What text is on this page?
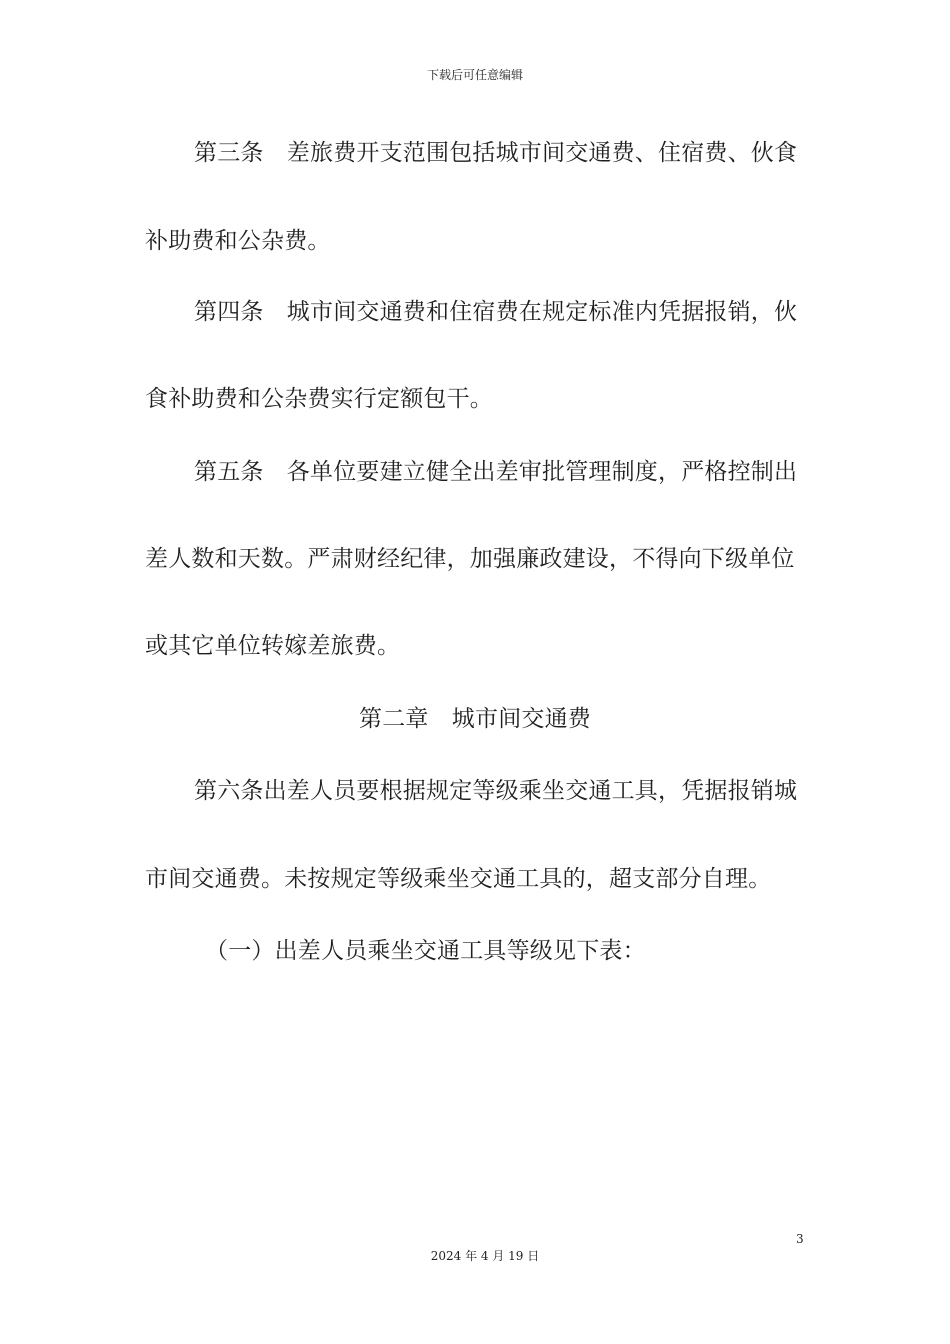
下载后可任意编辑
第三条　差旅费开支范围包括城市间交通费、住宿费、伙食
补助费和公杂费。
第四条　城市间交通费和住宿费在规定标准内凭据报销，伙
食补助费和公杂费实行定额包干。
第五条　各单位要建立健全出差审批管理制度，严格控制出
差人数和天数。严肃财经纪律，加强廉政建设，不得向下级单位
或其它单位转嫁差旅费。
第二章　城市间交通费
第六条出差人员要根据规定等级乘坐交通工具，凭据报销城
市间交通费。未按规定等级乘坐交通工具的，超支部分自理。
（一）出差人员乘坐交通工具等级见下表：
3
2024 年 4 月 19 日
